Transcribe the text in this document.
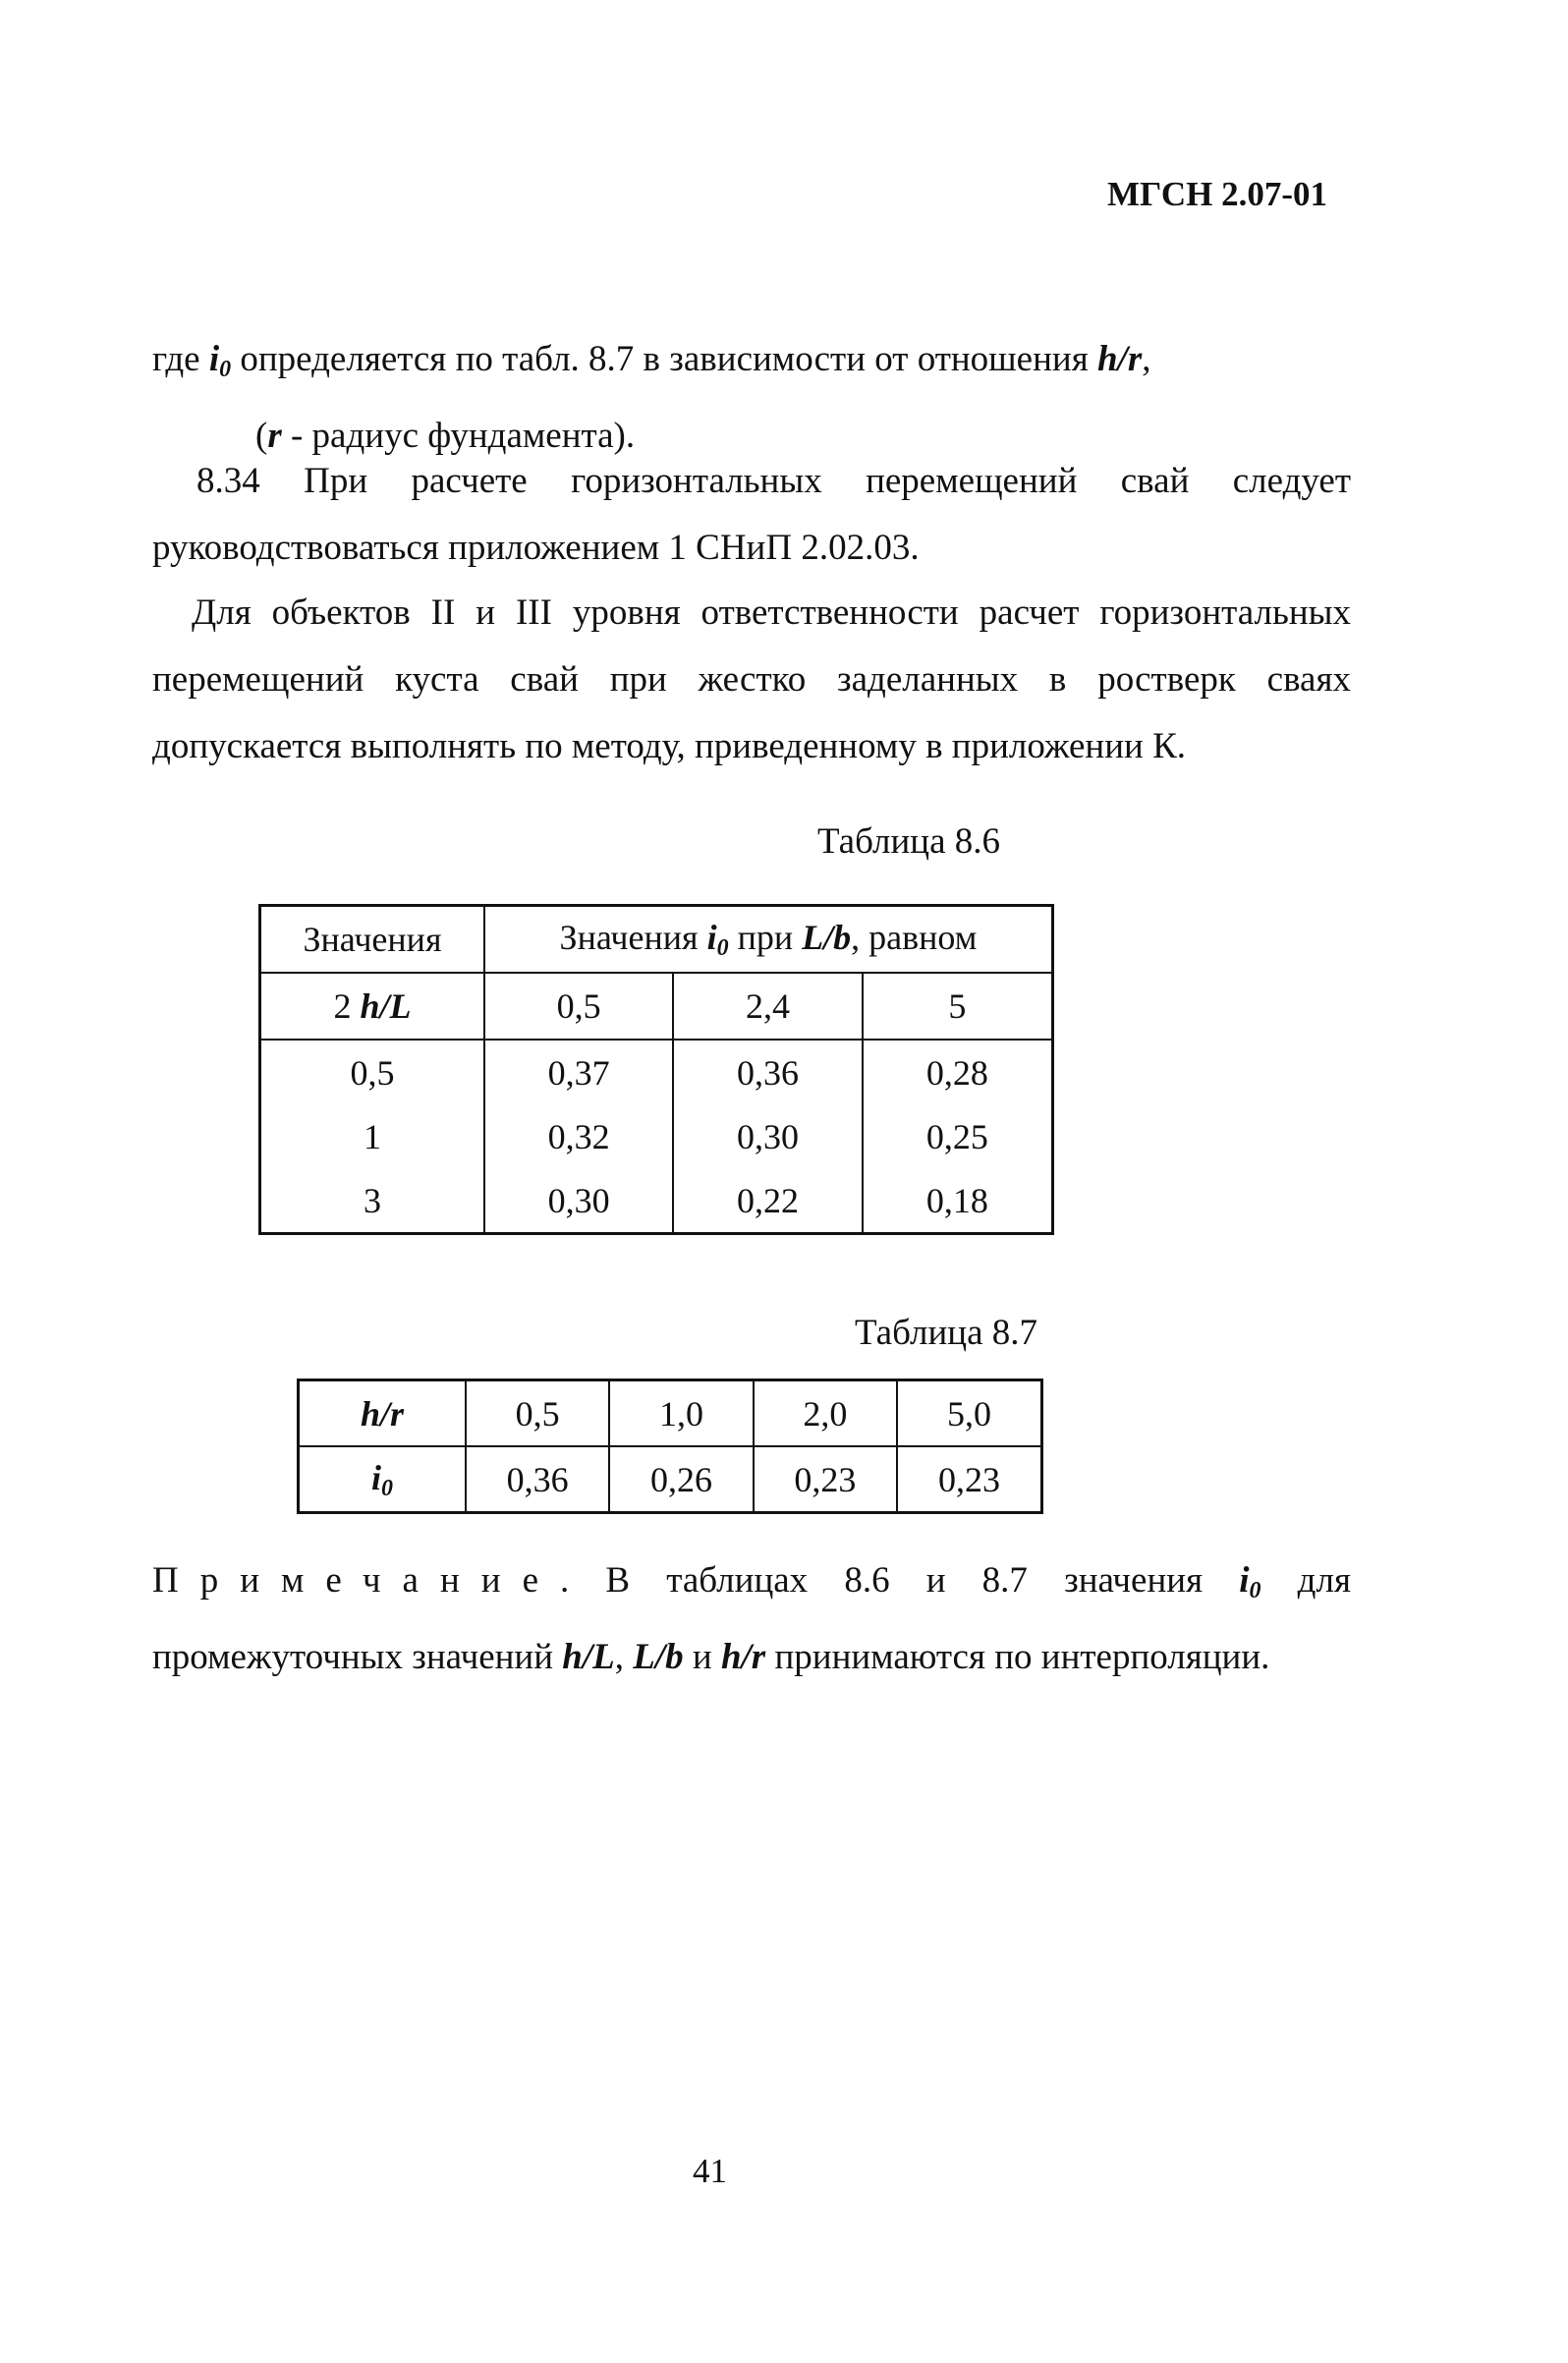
МГСН 2.07-01

где $i_0$ определяется по табл. 8.7 в зависимости от отношения h/r,
(r - радиус фундамента).

8.34 При расчете горизонтальных перемещений свай следует руководствоваться приложением 1 СНиП 2.02.03.

Для объектов II и III уровня ответственности расчет горизонтальных перемещений куста свай при жестко заделанных в ростверк сваях допускается выполнять по методу, приведенному в приложении К.

Таблица 8.6
Значения	Значения $i_0$ при L/b, равном		
2 h/L	0,5	2,4	5
0,5	0,37	0,36	0,28
1	0,32	0,30	0,25
3	0,30	0,22	0,18
Таблица 8.7
h/r	0,5	1,0	2,0	5,0
$i_0$	0,36	0,26	0,23	0,23

Примечание. В таблицах 8.6 и 8.7 значения $i_0$ для промежуточных значений h/L, L/b и h/r принимаются по интерполяции.

41
